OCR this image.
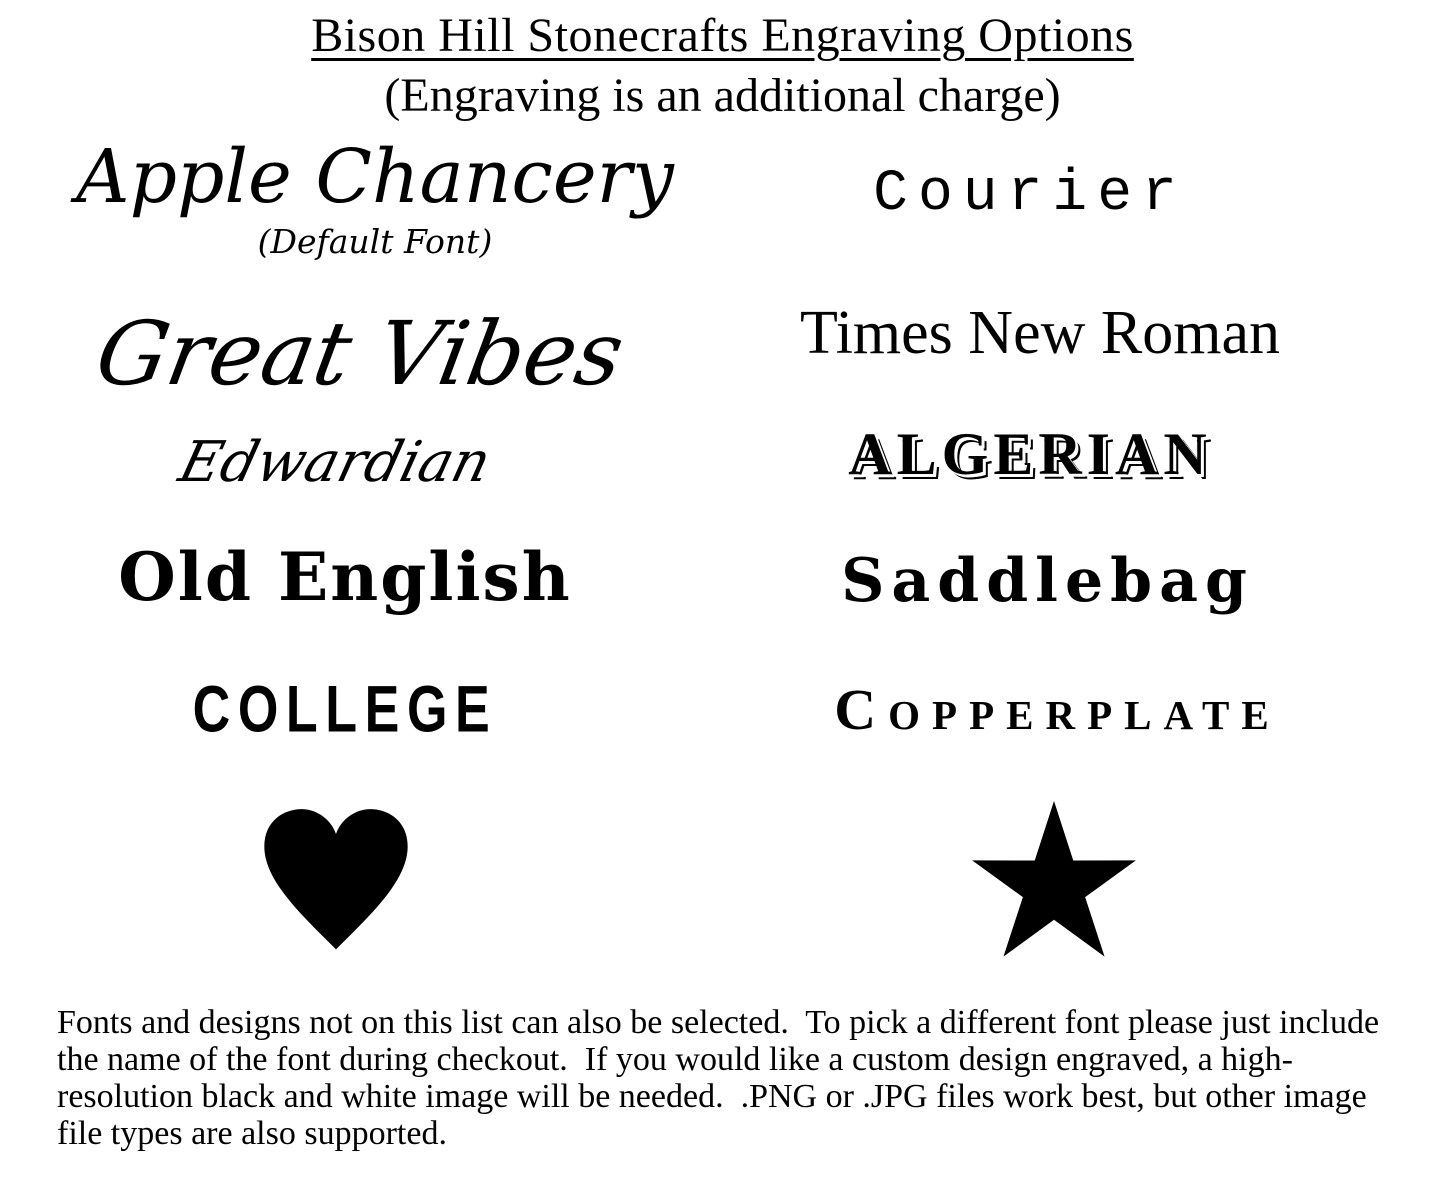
Bison Hill Stonecrafts Engraving Options
(Engraving is an additional charge)
Apple Chancery
(Default Font)
Great Vibes
Edwardian
Old English
COLLEGE
Courier
Times New Roman
ALGERIAN
Saddlebag
Copperplate

Fonts and designs not on this list can also be selected.  To pick a different font please just include the name of the font during checkout.  If you would like a custom design engraved, a high-resolution black and white image will be needed.  .PNG or .JPG files work best, but other image file types are also supported.
